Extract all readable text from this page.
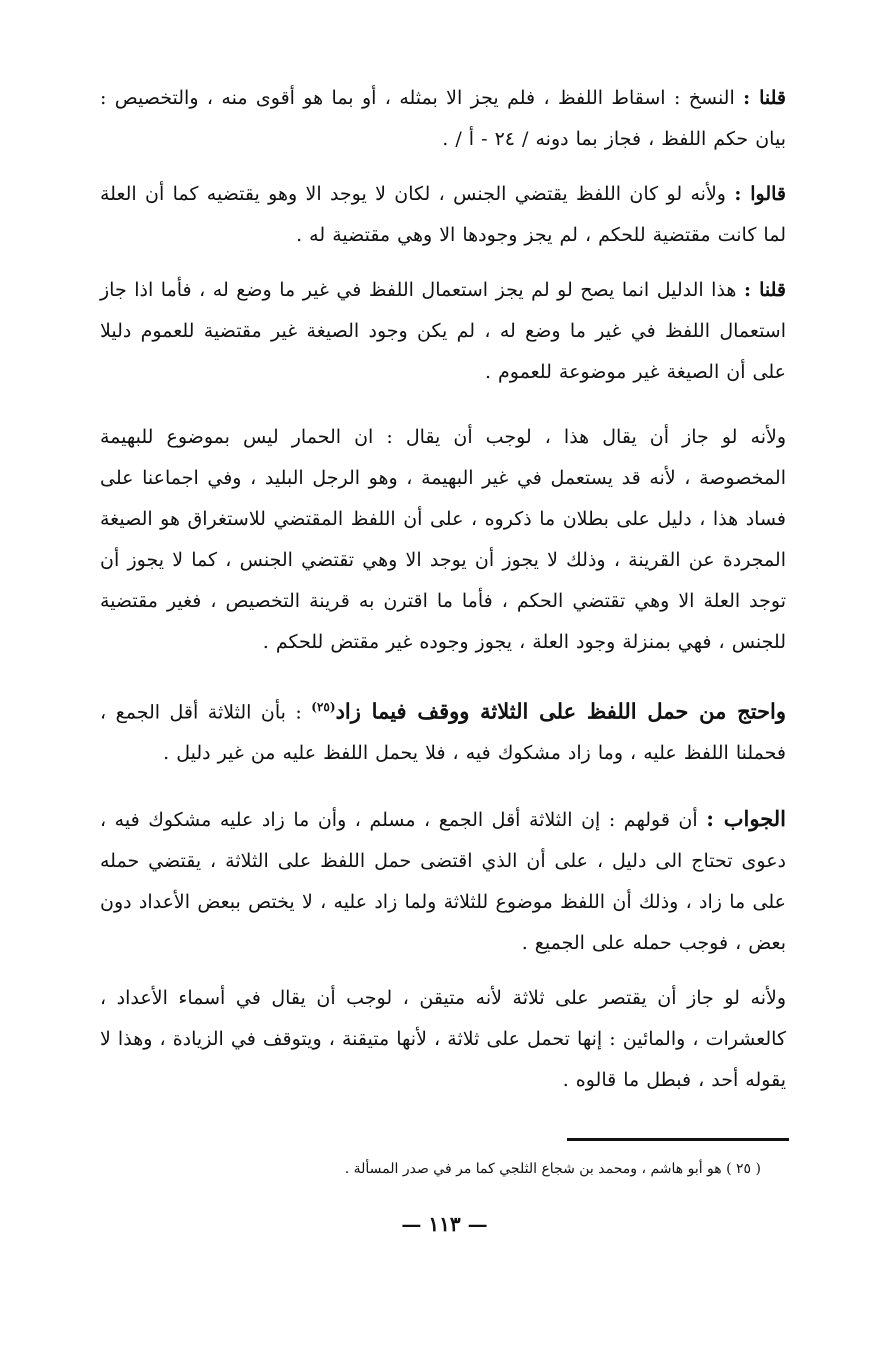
قلنا : النسخ : اسقاط اللفظ ، فلم يجز الا بمثله ، أو بما هو أقوى منه ، والتخصيص : بيان حكم اللفظ ، فجاز بما دونه / ٢٤ - أ / .

قالوا : ولأنه لو كان اللفظ يقتضي الجنس ، لكان لا يوجد الا وهو يقتضيه كما أن العلة لما كانت مقتضية للحكم ، لم يجز وجودها الا وهي مقتضية له .

قلنا : هذا الدليل انما يصح لو لم يجز استعمال اللفظ في غير ما وضع له ، فأما اذا جاز استعمال اللفظ في غير ما وضع له ، لم يكن وجود الصيغة غير مقتضية للعموم دليلا على أن الصيغة غير موضوعة للعموم .

ولأنه لو جاز أن يقال هذا ، لوجب أن يقال : ان الحمار ليس بموضوع للبهيمة المخصوصة ، لأنه قد يستعمل في غير البهيمة ، وهو الرجل البليد ، وفي اجماعنا على فساد هذا ، دليل على بطلان ما ذكروه ، على أن اللفظ المقتضي للاستغراق هو الصيغة المجردة عن القرينة ، وذلك لا يجوز أن يوجد الا وهي تقتضي الجنس ، كما لا يجوز أن توجد العلة الا وهي تقتضي الحكم ، فأما ما اقترن به قرينة التخصيص ، فغير مقتضية للجنس ، فهي بمنزلة وجود العلة ، يجوز وجوده غير مقتض للحكم .

واحتج من حمل اللفظ على الثلاثة ووقف فيما زاد$^{(٢٥)}$ : بأن الثلاثة أقل الجمع ، فحملنا اللفظ عليه ، وما زاد مشكوك فيه ، فلا يحمل اللفظ عليه من غير دليل .

الجواب : أن قولهم : إن الثلاثة أقل الجمع ، مسلم ، وأن ما زاد عليه مشكوك فيه ، دعوى تحتاج الى دليل ، على أن الذي اقتضى حمل اللفظ على الثلاثة ، يقتضي حمله على ما زاد ، وذلك أن اللفظ موضوع للثلاثة ولما زاد عليه ، لا يختص ببعض الأعداد دون بعض ، فوجب حمله على الجميع .

ولأنه لو جاز أن يقتصر على ثلاثة لأنه متيقن ، لوجب أن يقال في أسماء الأعداد ، كالعشرات ، والمائين : إنها تحمل على ثلاثة ، لأنها متيقنة ، ويتوقف في الزيادة ، وهذا لا يقوله أحد ، فبطل ما قالوه .

( ٢٥ ) هو أبو هاشم ، ومحمد بن شجاع الثلجي كما مر في صدر المسألة .
— ١١٣ —
